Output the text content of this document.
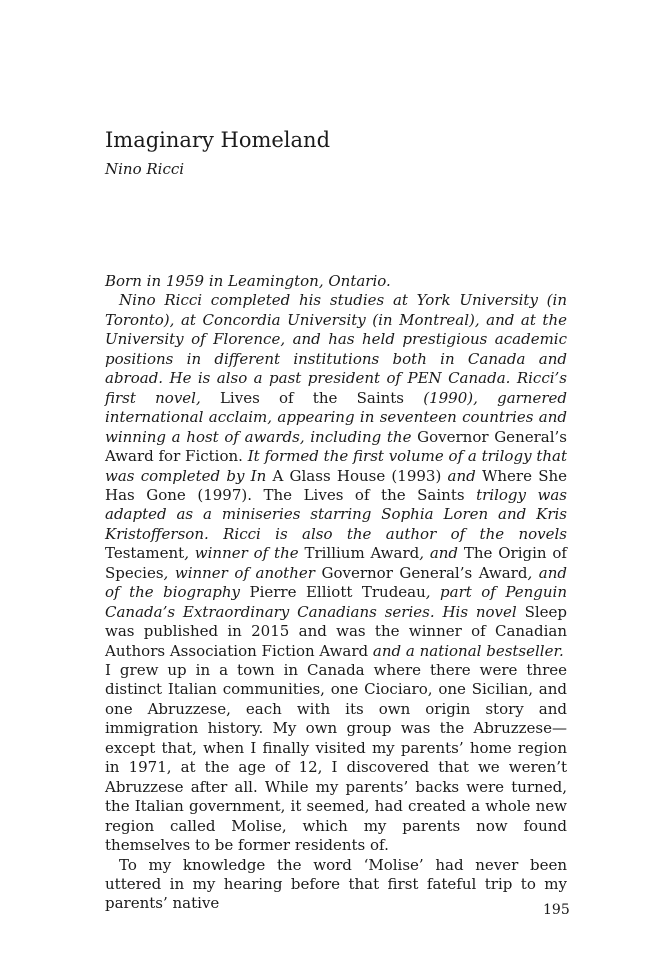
Imaginary Homeland
Nino Ricci

Born in 1959 in Leamington, Ontario.

Nino Ricci completed his studies at York University (in Toronto), at Concordia University (in Montreal), and at the University of Florence, and has held prestigious academic positions in different institutions both in Canada and abroad. He is also a past president of PEN Canada. Ricci’s first novel, Lives of the Saints (1990), garnered international acclaim, appearing in seventeen countries and winning a host of awards, including the Governor General’s Award for Fiction. It formed the first volume of a trilogy that was completed by In A Glass House (1993) and Where She Has Gone (1997). The Lives of the Saints trilogy was adapted as a miniseries starring Sophia Loren and Kris Kristofferson. Ricci is also the author of the novels Testament, winner of the Trillium Award, and The Origin of Species, winner of another Governor General’s Award, and of the biography Pierre Elliott Trudeau, part of Penguin Canada’s Extraordinary Canadians series. His novel Sleep was published in 2015 and was the winner of Canadian Authors Association Fiction Award and a national bestseller.

I grew up in a town in Canada where there were three distinct Italian communities, one Ciociaro, one Sicilian, and one Abruzzese, each with its own origin story and immigration history. My own group was the Abruzzese—except that, when I finally visited my parents’ home region in 1971, at the age of 12, I discovered that we weren’t Abruzzese after all. While my parents’ backs were turned, the Italian government, it seemed, had created a whole new region called Molise, which my parents now found themselves to be former residents of.

To my knowledge the word ‘Molise’ had never been uttered in my hearing before that first fateful trip to my parents’ native	195
